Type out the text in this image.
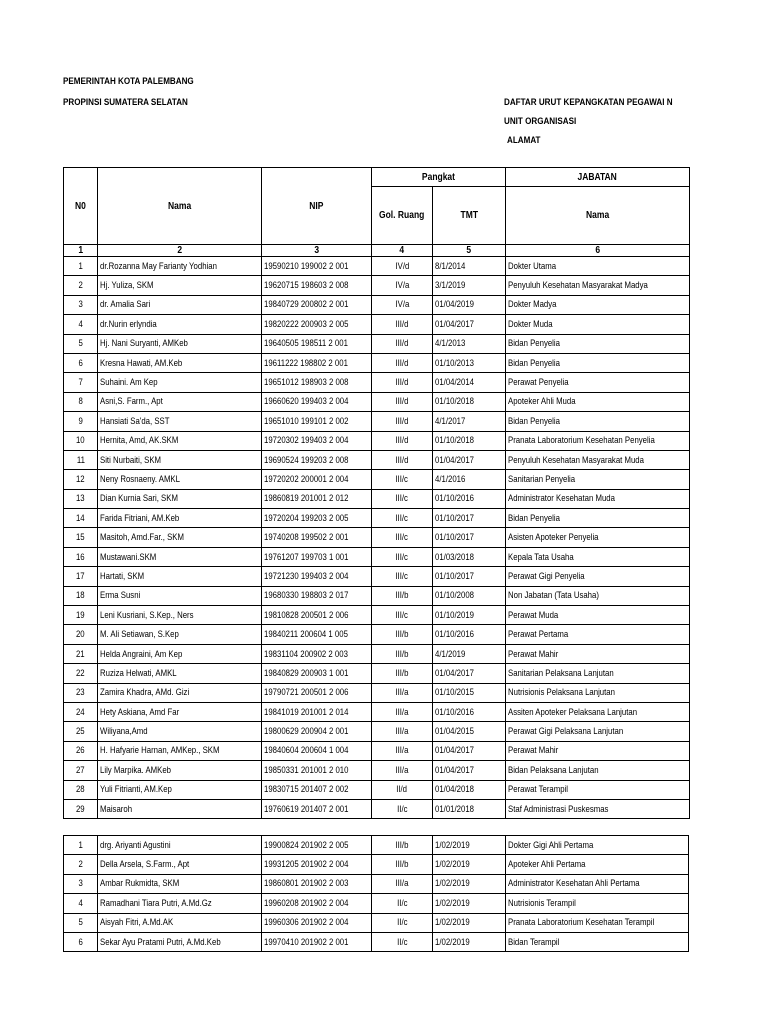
PEMERINTAH KOTA PALEMBANG
PROPINSI SUMATERA SELATAN	DAFTAR URUT KEPANGKATAN PEGAWAI N
UNIT ORGANISASI
ALAMAT
N0	Nama	NIP	Pangkat		JABATAN
			Gol. Ruang	TMT	Nama
1	2	3	4	5	6
1	dr.Rozanna May Farianty Yodhian	19590210 199002 2 001	IV/d	8/1/2014	Dokter Utama
2	Hj. Yuliza, SKM	19620715 198603 2 008	IV/a	3/1/2019	Penyuluh Kesehatan Masyarakat Madya
3	dr. Amalia Sari	19840729 200802 2 001	IV/a	01/04/2019	Dokter Madya
4	dr.Nurin erlyndia	19820222 200903 2 005	III/d	01/04/2017	Dokter Muda
5	Hj. Nani Suryanti, AMKeb	19640505 198511 2 001	III/d	4/1/2013	Bidan Penyelia
6	Kresna Hawati, AM.Keb	19611222 198802 2 001	III/d	01/10/2013	Bidan Penyelia
7	Suhaini. Am Kep	19651012 198903 2 008	III/d	01/04/2014	Perawat Penyelia
8	Asni,S. Farm., Apt	19660620 199403 2 004	III/d	01/10/2018	Apoteker Ahli Muda
9	Hansiati Sa'da, SST	19651010 199101 2 002	III/d	4/1/2017	Bidan Penyelia
10	Hernita, Amd, AK.SKM	19720302 199403 2 004	III/d	01/10/2018	Pranata Laboratorium Kesehatan Penyelia
11	Siti Nurbaiti, SKM	19690524 199203 2 008	III/d	01/04/2017	Penyuluh Kesehatan Masyarakat Muda
12	Neny Rosnaeny. AMKL	19720202 200001 2 004	III/c	4/1/2016	Sanitarian Penyelia
13	Dian Kurnia Sari, SKM	19860819 201001 2 012	III/c	01/10/2016	Administrator Kesehatan Muda
14	Farida Fitriani, AM.Keb	19720204 199203 2 005	III/c	01/10/2017	Bidan Penyelia
15	Masitoh, Amd.Far., SKM	19740208 199502 2 001	III/c	01/10/2017	Asisten Apoteker Penyelia
16	Mustawani.SKM	19761207 199703 1 001	III/c	01/03/2018	Kepala Tata Usaha
17	Hartati, SKM	19721230 199403 2 004	III/c	01/10/2017	Perawat Gigi Penyelia
18	Erma Susni	19680330 198803 2 017	III/b	01/10/2008	Non Jabatan (Tata Usaha)
19	Leni Kusriani, S.Kep., Ners	19810828 200501 2 006	III/c	01/10/2019	Perawat Muda
20	M. Ali Setiawan, S.Kep	19840211 200604 1 005	III/b	01/10/2016	Perawat Pertama
21	Helda Angraini, Am Kep	19831104 200902 2 003	III/b	4/1/2019	Perawat Mahir
22	Ruziza Helwati, AMKL	19840829 200903 1 001	III/b	01/04/2017	Sanitarian Pelaksana Lanjutan
23	Zamira Khadra, AMd. Gizi	19790721 200501 2 006	III/a	01/10/2015	Nutrisionis Pelaksana Lanjutan
24	Hety Askiana, Amd Far	19841019 201001 2 014	III/a	01/10/2016	Assiten Apoteker Pelaksana Lanjutan
25	Wiliyana,Amd	19800629 200904 2 001	III/a	01/04/2015	Perawat Gigi Pelaksana Lanjutan
26	H. Hafyarie Harnan, AMKep., SKM	19840604 200604 1 004	III/a	01/04/2017	Perawat Mahir
27	Lily Marpika. AMKeb	19850331 201001 2 010	III/a	01/04/2017	Bidan Pelaksana Lanjutan
28	Yuli Fitrianti, AM.Kep	19830715 201407 2 002	II/d	01/04/2018	Perawat Terampil
29	Maisaroh	19760619 201407 2 001	II/c	01/01/2018	Staf Administrasi Puskesmas
1	drg. Ariyanti Agustini	19900824 201902 2 005	III/b	1/02/2019	Dokter Gigi Ahli Pertama
2	Della Arsela, S.Farm., Apt	19931205 201902 2 004	III/b	1/02/2019	Apoteker Ahli Pertama
3	Ambar Rukmidta, SKM	19860801 201902 2 003	III/a	1/02/2019	Administrator Kesehatan Ahli Pertama
4	Ramadhani Tiara Putri, A.Md.Gz	19960208 201902 2 004	II/c	1/02/2019	Nutrisionis Terampil
5	Aisyah Fitri, A.Md.AK	19960306 201902 2 004	II/c	1/02/2019	Pranata Laboratorium Kesehatan Terampil
6	Sekar Ayu Pratami Putri, A.Md.Keb	19970410 201902 2 001	II/c	1/02/2019	Bidan Terampil
